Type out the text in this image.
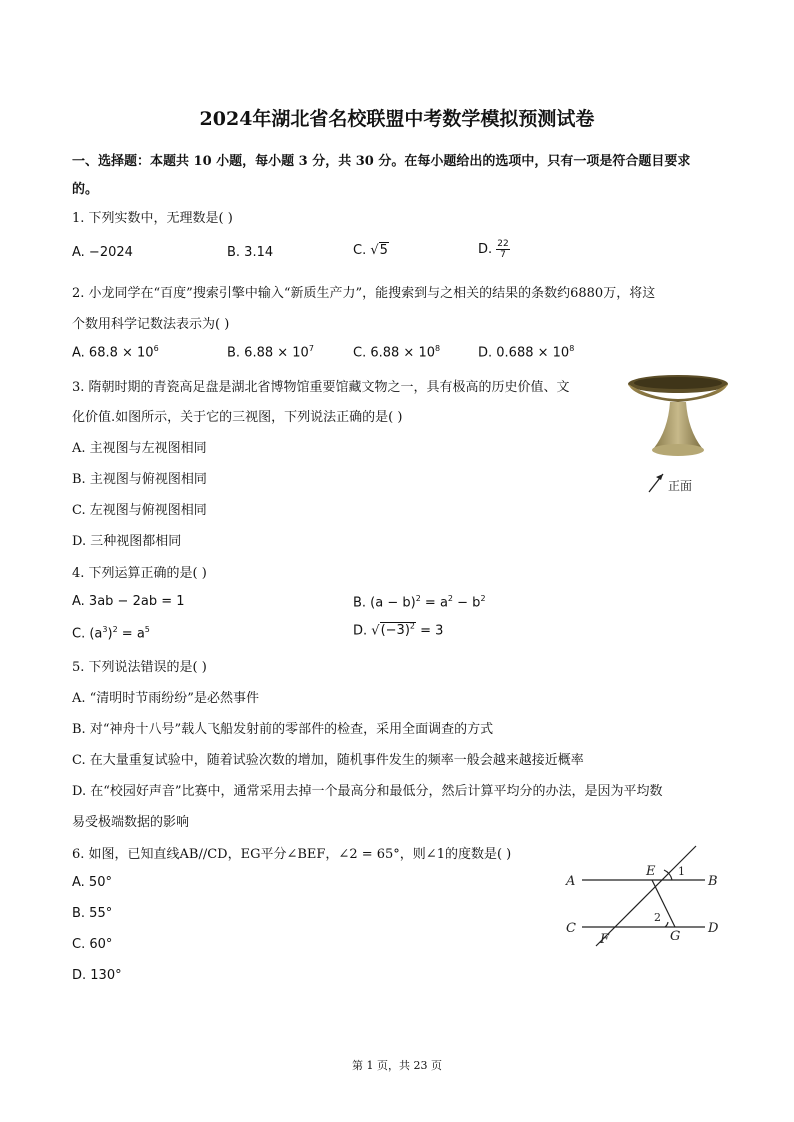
2024年湖北省名校联盟中考数学模拟预测试卷
一、选择题：本题共 10 小题，每小题 3 分，共 30 分。在每小题给出的选项中，只有一项是符合题目要求
的。
1. 下列实数中，无理数是( )
A. −2024	B. 3.14	C. √5	D. $\frac{22}{7}$
2. 小龙同学在“百度”搜索引擎中输入“新质生产力”，能搜索到与之相关的结果的条数约6880万，将这
个数用科学记数法表示为( )
A. $68.8 \times 10^6$	B. $6.88 \times 10^7$	C. $6.88 \times 10^8$	D. $0.688 \times 10^8$
3. 隋朝时期的青瓷高足盘是湖北省博物馆重要馆藏文物之一，具有极高的历史价值、文
化价值.如图所示，关于它的三视图，下列说法正确的是( )
A. 主视图与左视图相同
B. 主视图与俯视图相同
C. 左视图与俯视图相同
D. 三种视图都相同
正面
4. 下列运算正确的是( )
A. 3ab − 2ab = 1	B. $(a - b)^2 = a^2 - b^2$
C. $(a^3)^2 = a^5$	D. $√(-3)^2 = 3$
5. 下列说法错误的是( )
A. “清明时节雨纷纷”是必然事件
B. 对“神舟十八号”载人飞船发射前的零部件的检查，采用全面调查的方式
C. 在大量重复试验中，随着试验次数的增加，随机事件发生的频率一般会越来越接近概率
D. 在“校园好声音”比赛中，通常采用去掉一个最高分和最低分，然后计算平均分的办法，是因为平均数
易受极端数据的影响
6. 如图，已知直线AB//CD，EG平分∠BEF，∠2 = 65°，则∠1的度数是( )
A. 50°
B. 55°
C. 60°
D. 130°
A	B
C	D
E
F	G
1
2
第 1 页，共 23 页
